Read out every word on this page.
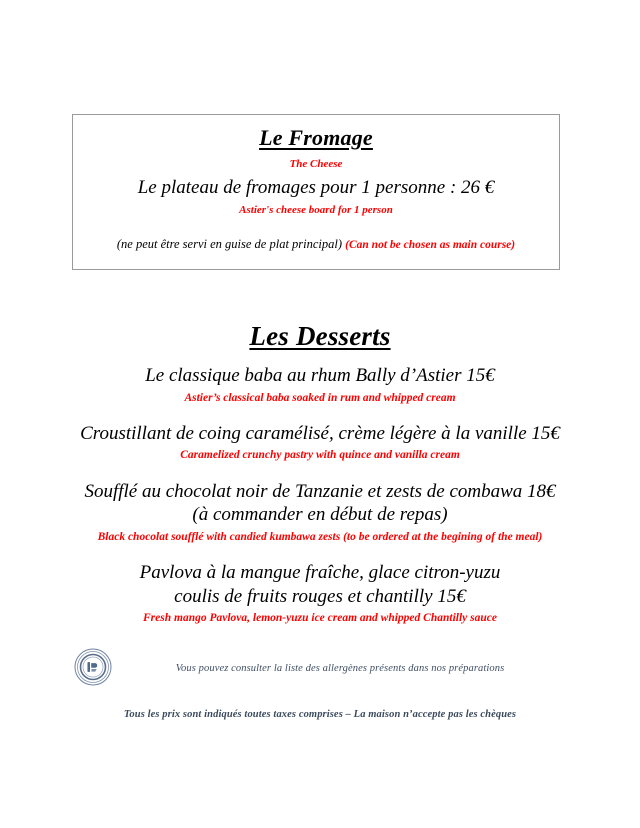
Le Fromage
The Cheese
Le plateau de fromages pour 1 personne : 26 €
Astier's cheese board for 1 person
(ne peut être servi en guise de plat principal) (Can not be chosen as main course)
Les Desserts
Le classique baba au rhum Bally d’Astier 15€
Astier’s classical baba soaked in rum and whipped cream
Croustillant de coing caramélisé, crème légère à la vanille 15€
Caramelized crunchy pastry with quince and vanilla cream
Soufflé au chocolat noir de Tanzanie et zests de combawa 18€
(à commander en début de repas)
Black chocolat soufflé with candied kumbawa zests (to be ordered at the begining of the meal)
Pavlova à la mangue fraîche, glace citron-yuzu
coulis de fruits rouges et chantilly 15€
Fresh mango Pavlova, lemon-yuzu ice cream and whipped Chantilly sauce
Vous pouvez consulter la liste des allergènes présents dans nos préparations
Tous les prix sont indiqués toutes taxes comprises – La maison n’accepte pas les chèques
